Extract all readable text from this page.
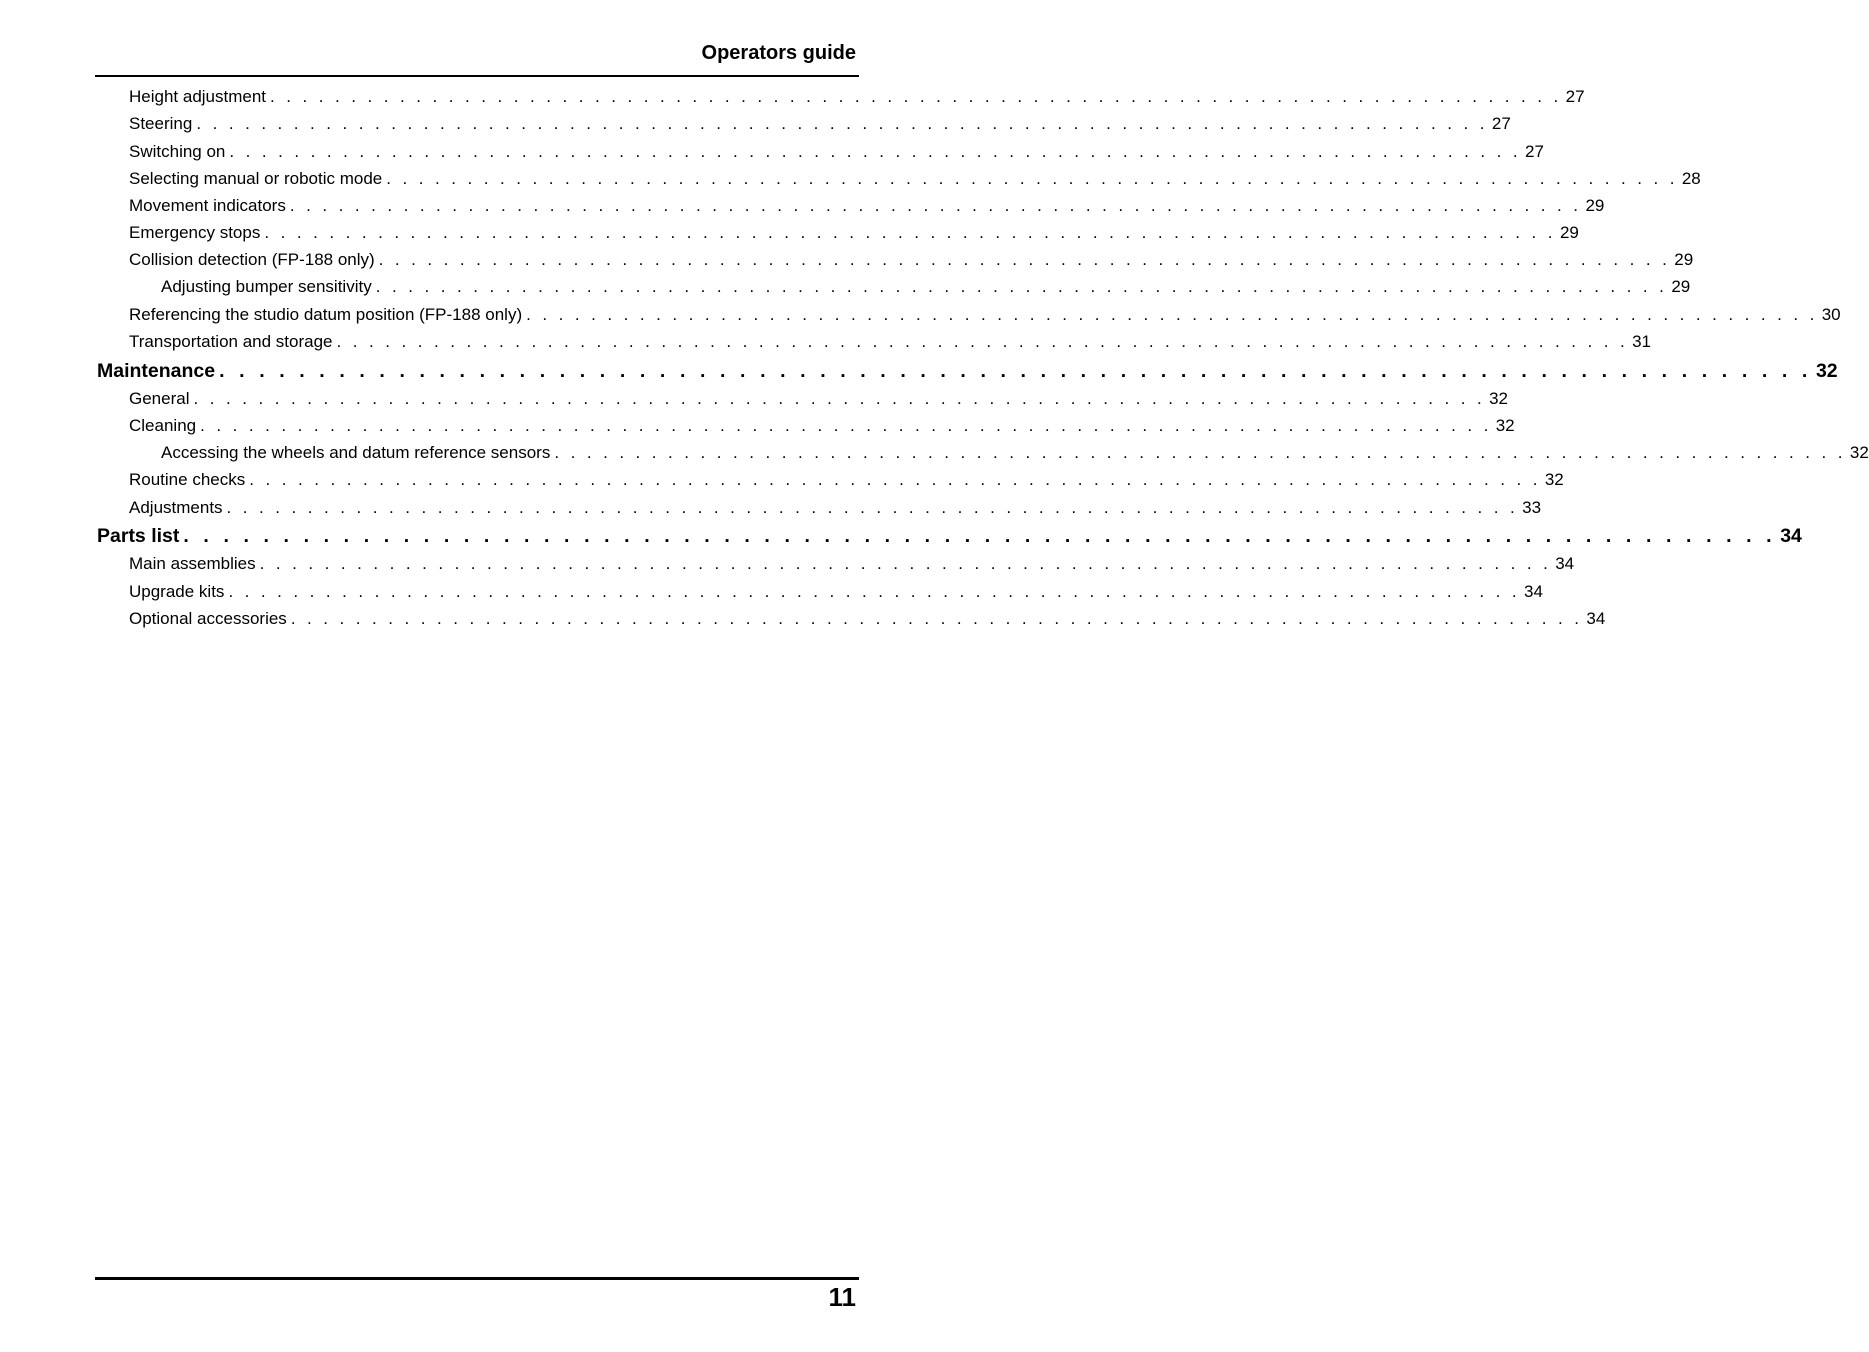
Operators guide
Height adjustment . . . . . . . . . . . . . . . . . . . . . . . . . . . . . . . . . . . . . . . . . . . . . . . . . . . . . . . . . . . . . . . . . . . . . . . . . . . . . . . . 27
Steering . . . . . . . . . . . . . . . . . . . . . . . . . . . . . . . . . . . . . . . . . . . . . . . . . . . . . . . . . . . . . . . . . . . . . . . . . . . . . . . . 27
Switching on . . . . . . . . . . . . . . . . . . . . . . . . . . . . . . . . . . . . . . . . . . . . . . . . . . . . . . . . . . . . . . . . . . . . . . . . . . . . . . . . 27
Selecting manual or robotic mode . . . . . . . . . . . . . . . . . . . . . . . . . . . . . . . . . . . . . . . . . . . . . . . . . . . . . . . . . . . . . . . . . . . . . . . . . . . . . . . . 28
Movement indicators . . . . . . . . . . . . . . . . . . . . . . . . . . . . . . . . . . . . . . . . . . . . . . . . . . . . . . . . . . . . . . . . . . . . . . . . . . . . . . . . 29
Emergency stops . . . . . . . . . . . . . . . . . . . . . . . . . . . . . . . . . . . . . . . . . . . . . . . . . . . . . . . . . . . . . . . . . . . . . . . . . . . . . . . . 29
Collision detection (FP-188 only) . . . . . . . . . . . . . . . . . . . . . . . . . . . . . . . . . . . . . . . . . . . . . . . . . . . . . . . . . . . . . . . . . . . . . . . . . . . . . . . . 29
Adjusting bumper sensitivity . . . . . . . . . . . . . . . . . . . . . . . . . . . . . . . . . . . . . . . . . . . . . . . . . . . . . . . . . . . . . . . . . . . . . . . . . . . . . . . . 29
Referencing the studio datum position (FP-188 only) . . . . . . . . . . . . . . . . . . . . . . . . . . . . . . . . . . . . . . . . . . . . . . . . . . . . . . . . . . . . . . . . . . . . . . . . . . . . . . . . 30
Transportation and storage . . . . . . . . . . . . . . . . . . . . . . . . . . . . . . . . . . . . . . . . . . . . . . . . . . . . . . . . . . . . . . . . . . . . . . . . . . . . . . . . 31
Maintenance . . . . . . . . . . . . . . . . . . . . . . . . . . . . . . . . . . . . . . . . . . . . . . . . . . . . . . . . . . . . . . . . . . . . . . . . . . . . . . . . 32
General . . . . . . . . . . . . . . . . . . . . . . . . . . . . . . . . . . . . . . . . . . . . . . . . . . . . . . . . . . . . . . . . . . . . . . . . . . . . . . . . 32
Cleaning . . . . . . . . . . . . . . . . . . . . . . . . . . . . . . . . . . . . . . . . . . . . . . . . . . . . . . . . . . . . . . . . . . . . . . . . . . . . . . . . 32
Accessing the wheels and datum reference sensors . . . . . . . . . . . . . . . . . . . . . . . . . . . . . . . . . . . . . . . . . . . . . . . . . . . . . . . . . . . . . . . . . . . . . . . . . . . . . . . . 32
Routine checks . . . . . . . . . . . . . . . . . . . . . . . . . . . . . . . . . . . . . . . . . . . . . . . . . . . . . . . . . . . . . . . . . . . . . . . . . . . . . . . . 32
Adjustments . . . . . . . . . . . . . . . . . . . . . . . . . . . . . . . . . . . . . . . . . . . . . . . . . . . . . . . . . . . . . . . . . . . . . . . . . . . . . . . . 33
Parts list . . . . . . . . . . . . . . . . . . . . . . . . . . . . . . . . . . . . . . . . . . . . . . . . . . . . . . . . . . . . . . . . . . . . . . . . . . . . . . . . 34
Main assemblies . . . . . . . . . . . . . . . . . . . . . . . . . . . . . . . . . . . . . . . . . . . . . . . . . . . . . . . . . . . . . . . . . . . . . . . . . . . . . . . . 34
Upgrade kits . . . . . . . . . . . . . . . . . . . . . . . . . . . . . . . . . . . . . . . . . . . . . . . . . . . . . . . . . . . . . . . . . . . . . . . . . . . . . . . . 34
Optional accessories . . . . . . . . . . . . . . . . . . . . . . . . . . . . . . . . . . . . . . . . . . . . . . . . . . . . . . . . . . . . . . . . . . . . . . . . . . . . . . . . 34
11
